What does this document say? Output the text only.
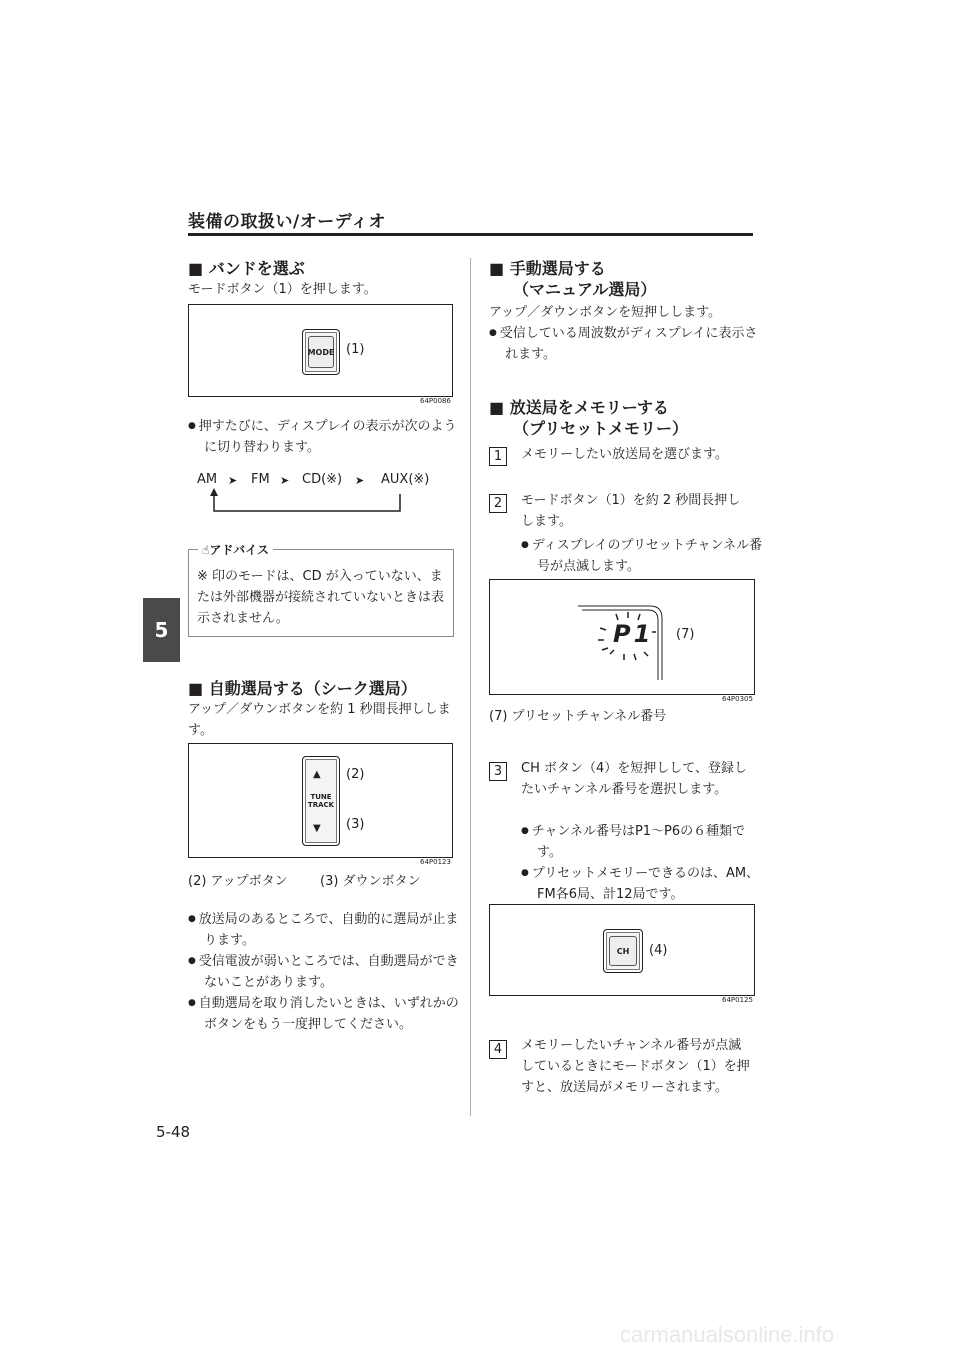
装備の取扱い/オーディオ
5
■ バンドを選ぶ
モードボタン（1）を押します。
MODE (1)
64P0086
● 押すたびに、ディスプレイの表示が次のように切り替わります。
AM ➤ FM ➤ CD(※) ➤ AUX(※)
※ 印のモードは、CD が入っていない、または外部機器が接続されていないときは表示されません。
☝アドバイス
■ 自動選局する（シーク選局）
アップ／ダウンボタンを約 1 秒間長押しします。
▲
TUNE
TRACK
▼
(2)
(3)
64P0123
(2) アップボタン (3) ダウンボタン
● 放送局のあるところで、自動的に選局が止まります。
● 受信電波が弱いところでは、自動選局ができないことがあります。
● 自動選局を取り消したいときは、いずれかのボタンをもう一度押してください。
■ 手動選局する
（マニュアル選局）
アップ／ダウンボタンを短押しします。
● 受信している周波数がディスプレイに表示されます。
■ 放送局をメモリーする
（プリセットメモリー）
1	メモリーしたい放送局を選びます。
2	モードボタン（1）を約 2 秒間長押しします。
● ディスプレイのプリセットチャンネル番号が点滅します。
P1 (7)
64P0305
(7) プリセットチャンネル番号
3	CH ボタン（4）を短押しして、登録したいチャンネル番号を選択します。
● チャンネル番号はP1～P6の６種類です。
● プリセットメモリーできるのは、AM、FM各6局、計12局です。
CH	(4)
64P0125
4	メモリーしたいチャンネル番号が点滅しているときにモードボタン（1）を押すと、放送局がメモリーされます。
5-48
carmanualsonline.info
